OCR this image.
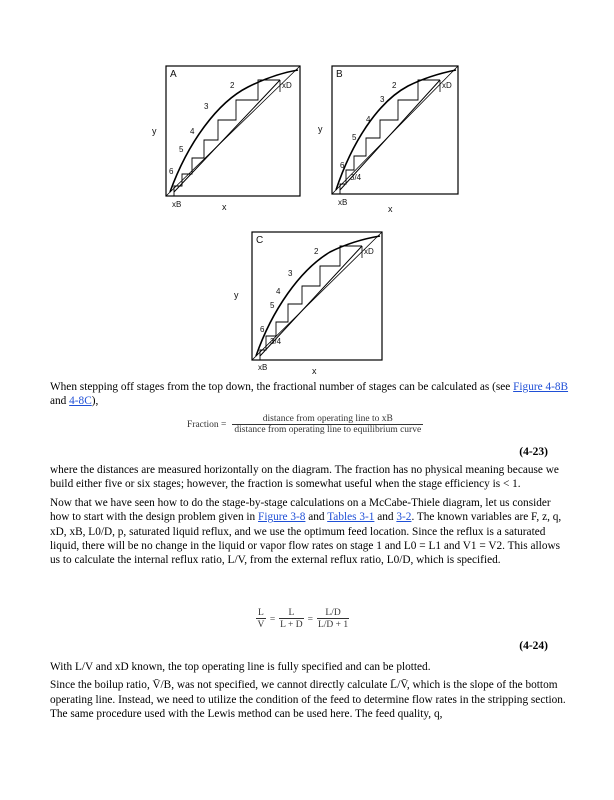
A
2
3
4
5
6
xD
xB
y
x
B
2
3
4
5
6
3/4
xD
xB
y
x
C
2
3
4
5
6
3/4
xD
xB
y
x

When stepping off stages from the top down, the fractional number of stages can be calculated as (see Figure 4-8B and 4-8C),

Fraction =	distance from operating line to xB
distance from operating line to equilibrium curve
(4-23)

where the distances are measured horizontally on the diagram. The fraction has no physical meaning because we build either five or six stages; however, the fraction is somewhat useful when the stage efficiency is < 1.

Now that we have seen how to do the stage-by-stage calculations on a McCabe-Thiele diagram, let us consider how to start with the design problem given in Figure 3-8 and Tables 3-1 and 3-2. The known variables are F, z, q, xD, xB, L0/D, p, saturated liquid reflux, and we use the optimum feed location. Since the reflux is a saturated liquid, there will be no change in the liquid or vapor flow rates on stage 1 and L0 = L1 and V1 = V2. This allows us to calculate the internal reflux ratio, L/V, from the external reflux ratio, L0/D, which is specified.

L	=	L	=	L/D
V		L + D		L/D + 1
(4-24)

With L/V and xD known, the top operating line is fully specified and can be plotted.

Since the boilup ratio, V̄/B, was not specified, we cannot directly calculate L̄/V̄, which is the slope of the bottom operating line. Instead, we need to utilize the condition of the feed to determine flow rates in the stripping section. The same procedure used with the Lewis method can be used here. The feed quality, q,
